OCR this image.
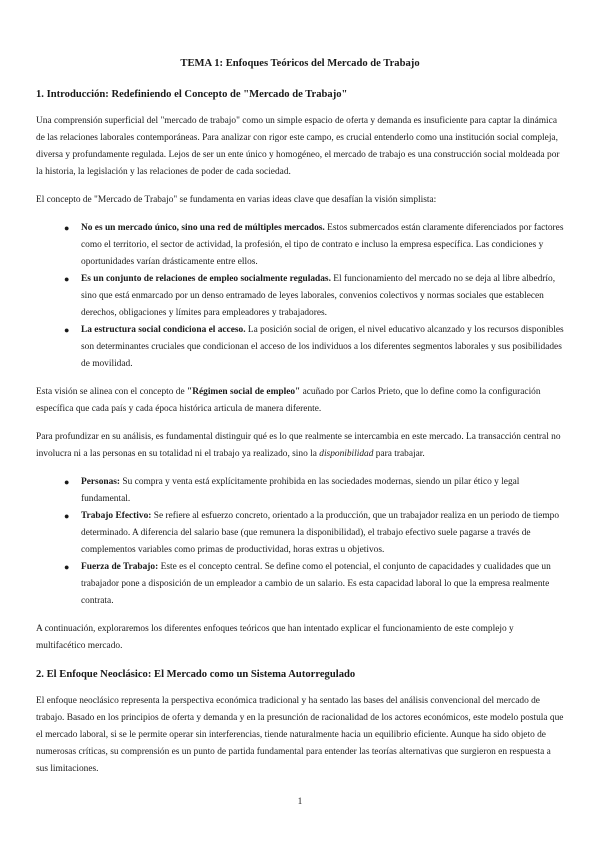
TEMA 1: Enfoques Teóricos del Mercado de Trabajo
1. Introducción: Redefiniendo el Concepto de "Mercado de Trabajo"

Una comprensión superficial del "mercado de trabajo" como un simple espacio de oferta y demanda es insuficiente para captar la dinámica de las relaciones laborales contemporáneas. Para analizar con rigor este campo, es crucial entenderlo como una institución social compleja, diversa y profundamente regulada. Lejos de ser un ente único y homogéneo, el mercado de trabajo es una construcción social moldeada por la historia, la legislación y las relaciones de poder de cada sociedad.

El concepto de "Mercado de Trabajo" se fundamenta en varias ideas clave que desafían la visión simplista:

● No es un mercado único, sino una red de múltiples mercados. Estos submercados están claramente diferenciados por factores como el territorio, el sector de actividad, la profesión, el tipo de contrato e incluso la empresa específica. Las condiciones y oportunidades varían drásticamente entre ellos.
● Es un conjunto de relaciones de empleo socialmente reguladas. El funcionamiento del mercado no se deja al libre albedrío, sino que está enmarcado por un denso entramado de leyes laborales, convenios colectivos y normas sociales que establecen derechos, obligaciones y límites para empleadores y trabajadores.
● La estructura social condiciona el acceso. La posición social de origen, el nivel educativo alcanzado y los recursos disponibles son determinantes cruciales que condicionan el acceso de los individuos a los diferentes segmentos laborales y sus posibilidades de movilidad.

Esta visión se alinea con el concepto de "Régimen social de empleo" acuñado por Carlos Prieto, que lo define como la configuración específica que cada país y cada época histórica articula de manera diferente.

Para profundizar en su análisis, es fundamental distinguir qué es lo que realmente se intercambia en este mercado. La transacción central no involucra ni a las personas en su totalidad ni el trabajo ya realizado, sino la disponibilidad para trabajar.

● Personas: Su compra y venta está explícitamente prohibida en las sociedades modernas, siendo un pilar ético y legal fundamental.
● Trabajo Efectivo: Se refiere al esfuerzo concreto, orientado a la producción, que un trabajador realiza en un periodo de tiempo determinado. A diferencia del salario base (que remunera la disponibilidad), el trabajo efectivo suele pagarse a través de complementos variables como primas de productividad, horas extras u objetivos.
● Fuerza de Trabajo: Este es el concepto central. Se define como el potencial, el conjunto de capacidades y cualidades que un trabajador pone a disposición de un empleador a cambio de un salario. Es esta capacidad laboral lo que la empresa realmente contrata.

A continuación, exploraremos los diferentes enfoques teóricos que han intentado explicar el funcionamiento de este complejo y multifacético mercado.

2. El Enfoque Neoclásico: El Mercado como un Sistema Autorregulado

El enfoque neoclásico representa la perspectiva económica tradicional y ha sentado las bases del análisis convencional del mercado de trabajo. Basado en los principios de oferta y demanda y en la presunción de racionalidad de los actores económicos, este modelo postula que el mercado laboral, si se le permite operar sin interferencias, tiende naturalmente hacia un equilibrio eficiente. Aunque ha sido objeto de numerosas críticas, su comprensión es un punto de partida fundamental para entender las teorías alternativas que surgieron en respuesta a sus limitaciones.

1
